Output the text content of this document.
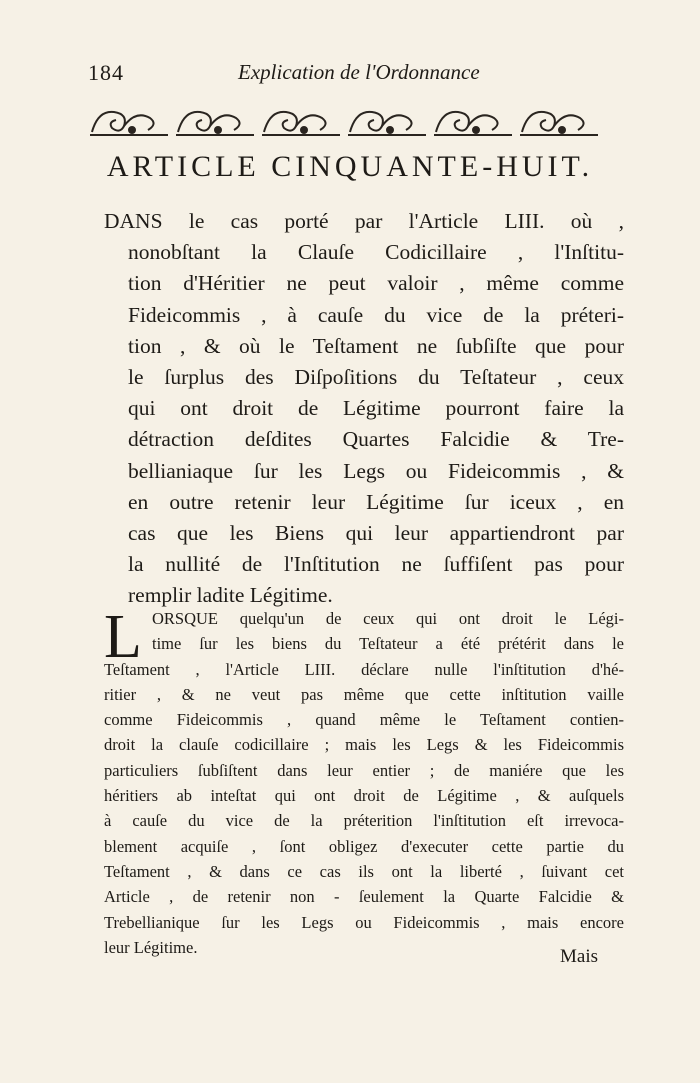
184	Explication de l'Ordonnance
ARTICLE CINQUANTE-HUIT.
DANS le cas porté par l'Article LIII. où ,
nonobſtant la Clauſe Codicillaire , l'Inſtitu-
tion d'Héritier ne peut valoir , même comme
Fideicommis , à cauſe du vice de la préteri-
tion , & où le Teſtament ne ſubſiſte que pour
le ſurplus des Diſpoſitions du Teſtateur , ceux
qui ont droit de Légitime pourront faire la
détraction deſdites Quartes Falcidie & Tre-
bellianiaque ſur les Legs ou Fideicommis , &
en outre retenir leur Légitime ſur iceux , en
cas que les Biens qui leur appartiendront par
la nullité de l'Inſtitution ne ſuffiſent pas pour
remplir ladite Légitime.
L ORSQUE quelqu'un de ceux qui ont droit le Légi-
time ſur les biens du Teſtateur a été prétérit dans le
Teſtament , l'Article LIII. déclare nulle l'inſtitution d'hé-
ritier , & ne veut pas même que cette inſtitution vaille
comme Fideicommis , quand même le Teſtament contien-
droit la clauſe codicillaire ; mais les Legs & les Fideicommis
particuliers ſubſiſtent dans leur entier ; de maniére que les
héritiers ab inteſtat qui ont droit de Légitime , & auſquels
à cauſe du vice de la préterition l'inſtitution eſt irrevoca-
blement acquiſe , ſont obligez d'executer cette partie du
Teſtament , & dans ce cas ils ont la liberté , ſuivant cet
Article , de retenir non - ſeulement la Quarte Falcidie &
Trebellianique ſur les Legs ou Fideicommis , mais encore
leur Légitime.	Mais
